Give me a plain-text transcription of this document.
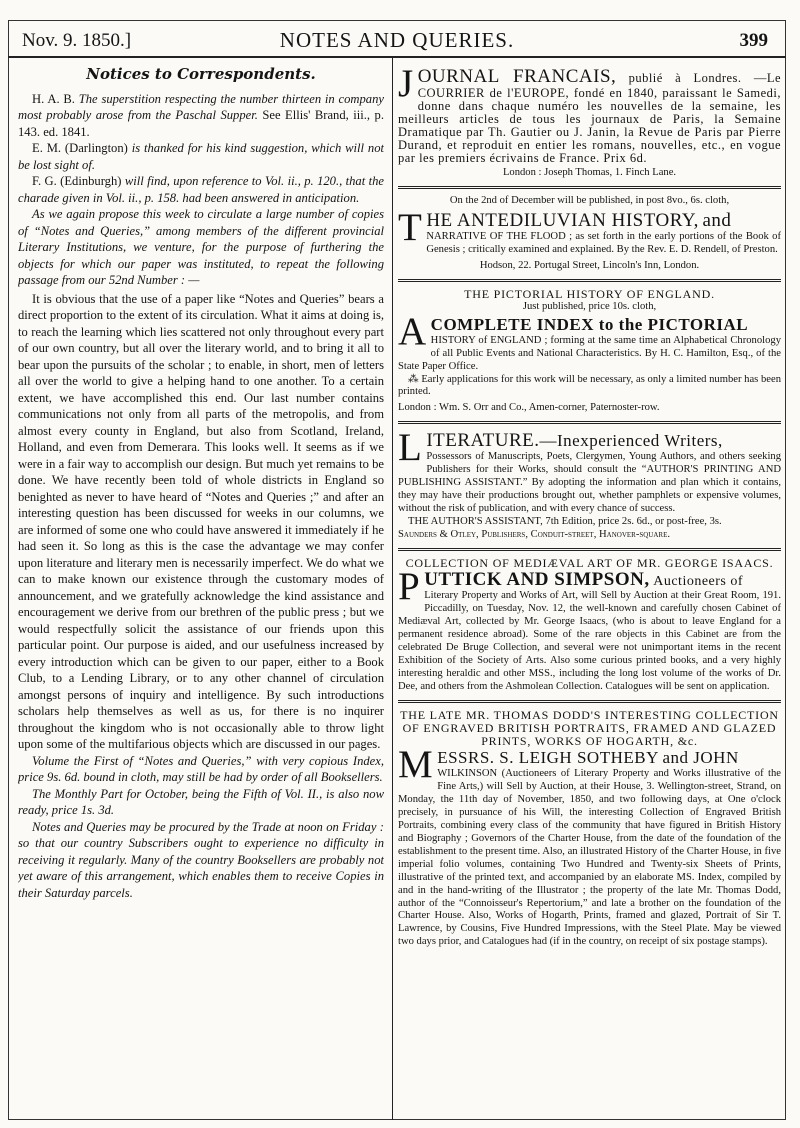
Nov. 9. 1850.]	NOTES AND QUERIES.	399
Notices to Correspondents.

H. A. B. The superstition respecting the number thirteen in company most probably arose from the Paschal Supper. See Ellis' Brand, iii., p. 143. ed. 1841.

E. M. (Darlington) is thanked for his kind suggestion, which will not be lost sight of.

F. G. (Edinburgh) will find, upon reference to Vol. ii., p. 120., that the charade given in Vol. ii., p. 158. had been answered in anticipation.

As we again propose this week to circulate a large number of copies of “Notes and Queries,” among members of the different provincial Literary Institutions, we venture, for the purpose of furthering the objects for which our paper was instituted, to repeat the following passage from our 52nd Number : —

It is obvious that the use of a paper like “Notes and Queries” bears a direct proportion to the extent of its circulation. What it aims at doing is, to reach the learning which lies scattered not only throughout every part of our own country, but all over the literary world, and to bring it all to bear upon the pursuits of the scholar ; to enable, in short, men of letters all over the world to give a helping hand to one another. To a certain extent, we have accomplished this end. Our last number contains communications not only from all parts of the metropolis, and from almost every county in England, but also from Scotland, Ireland, Holland, and even from Demerara. This looks well. It seems as if we were in a fair way to accomplish our design. But much yet remains to be done. We have recently been told of whole districts in England so benighted as never to have heard of “Notes and Queries ;” and after an interesting question has been discussed for weeks in our columns, we are informed of some one who could have answered it immediately if he had seen it. So long as this is the case the advantage we may confer upon literature and literary men is necessarily imperfect. We do what we can to make known our existence through the customary modes of announcement, and we gratefully acknowledge the kind assistance and encouragement we derive from our brethren of the public press ; but we would respectfully solicit the assistance of our friends upon this particular point. Our purpose is aided, and our usefulness increased by every introduction which can be given to our paper, either to a Book Club, to a Lending Library, or to any other channel of circulation amongst persons of inquiry and intelligence. By such introductions scholars help themselves as well as us, for there is no inquirer throughout the kingdom who is not occasionally able to throw light upon some of the multifarious objects which are discussed in our pages.

Volume the First of “Notes and Queries,” with very copious Index, price 9s. 6d. bound in cloth, may still be had by order of all Booksellers.

The Monthly Part for October, being the Fifth of Vol. II., is also now ready, price 1s. 3d.

Notes and Queries may be procured by the Trade at noon on Friday : so that our country Subscribers ought to experience no difficulty in receiving it regularly. Many of the country Booksellers are probably not yet aware of this arrangement, which enables them to receive Copies in their Saturday parcels.

JOURNAL FRANCAIS, publié à Londres. —Le COURRIER de l'EUROPE, fondé en 1840, paraissant le Samedi, donne dans chaque numéro les nouvelles de la semaine, les meilleurs articles de tous les journaux de Paris, la Semaine Dramatique par Th. Gautier ou J. Janin, la Revue de Paris par Pierre Durand, et reproduit en entier les romans, nouvelles, etc., en vogue par les premiers écrivains de France. Prix 6d.

London : Joseph Thomas, 1. Finch Lane.

On the 2nd of December will be published, in post 8vo., 6s. cloth,

THE ANTEDILUVIAN HISTORY, and

NARRATIVE OF THE FLOOD ; as set forth in the early portions of the Book of Genesis ; critically examined and explained. By the Rev. E. D. Rendell, of Preston.

Hodson, 22. Portugal Street, Lincoln's Inn, London.

THE PICTORIAL HISTORY OF ENGLAND.

Just published, price 10s. cloth,

ACOMPLETE INDEX to the PICTORIAL

HISTORY of ENGLAND ; forming at the same time an Alphabetical Chronology of all Public Events and National Characteristics. By H. C. Hamilton, Esq., of the State Paper Office.

⁂ Early applications for this work will be necessary, as only a limited number has been printed.

London : Wm. S. Orr and Co., Amen-corner, Paternoster-row.

LITERATURE.—Inexperienced Writers,

Possessors of Manuscripts, Poets, Clergymen, Young Authors, and others seeking Publishers for their Works, should consult the “AUTHOR'S PRINTING AND PUBLISHING ASSISTANT.” By adopting the information and plan which it contains, they may have their productions brought out, whether pamphlets or expensive volumes, without the risk of publication, and with every chance of success.

THE AUTHOR'S ASSISTANT, 7th Edition, price 2s. 6d., or post-free, 3s.

Saunders & Otley, Publishers, Conduit-street, Hanover-square.

COLLECTION OF MEDIÆVAL ART OF MR. GEORGE ISAACS.

PUTTICK AND SIMPSON, Auctioneers of

Literary Property and Works of Art, will Sell by Auction at their Great Room, 191. Piccadilly, on Tuesday, Nov. 12, the well-known and carefully chosen Cabinet of Mediæval Art, collected by Mr. George Isaacs, (who is about to leave England for a permanent residence abroad). Some of the rare objects in this Cabinet are from the celebrated De Bruge Collection, and several were not unimportant items in the recent Exhibition of the Society of Arts. Also some curious printed books, and a very highly interesting heraldic and other MSS., including the long lost volume of the works of Dr. Dee, and others from the Ashmolean Collection. Catalogues will be sent on application.

THE LATE MR. THOMAS DODD'S INTERESTING COLLECTION OF ENGRAVED BRITISH PORTRAITS, FRAMED AND GLAZED PRINTS, WORKS OF HOGARTH, &c.

MESSRS. S. LEIGH SOTHEBY and JOHN

WILKINSON (Auctioneers of Literary Property and Works illustrative of the Fine Arts,) will Sell by Auction, at their House, 3. Wellington-street, Strand, on Monday, the 11th day of November, 1850, and two following days, at One o'clock precisely, in pursuance of his Will, the interesting Collection of Engraved British Portraits, combining every class of the community that have figured in British History and Biography ; Governors of the Charter House, from the date of the foundation of the establishment to the present time. Also, an illustrated History of the Charter House, in five imperial folio volumes, containing Two Hundred and Twenty-six Sheets of Prints, illustrative of the printed text, and accompanied by an elaborate MS. Index, compiled by and in the hand-writing of the Illustrator ; the property of the late Mr. Thomas Dodd, author of the “Connoisseur's Repertorium,” and late a brother on the foundation of the Charter House. Also, Works of Hogarth, Prints, framed and glazed, Portrait of Sir T. Lawrence, by Cousins, Five Hundred Impressions, with the Steel Plate. May be viewed two days prior, and Catalogues had (if in the country, on receipt of six postage stamps).
